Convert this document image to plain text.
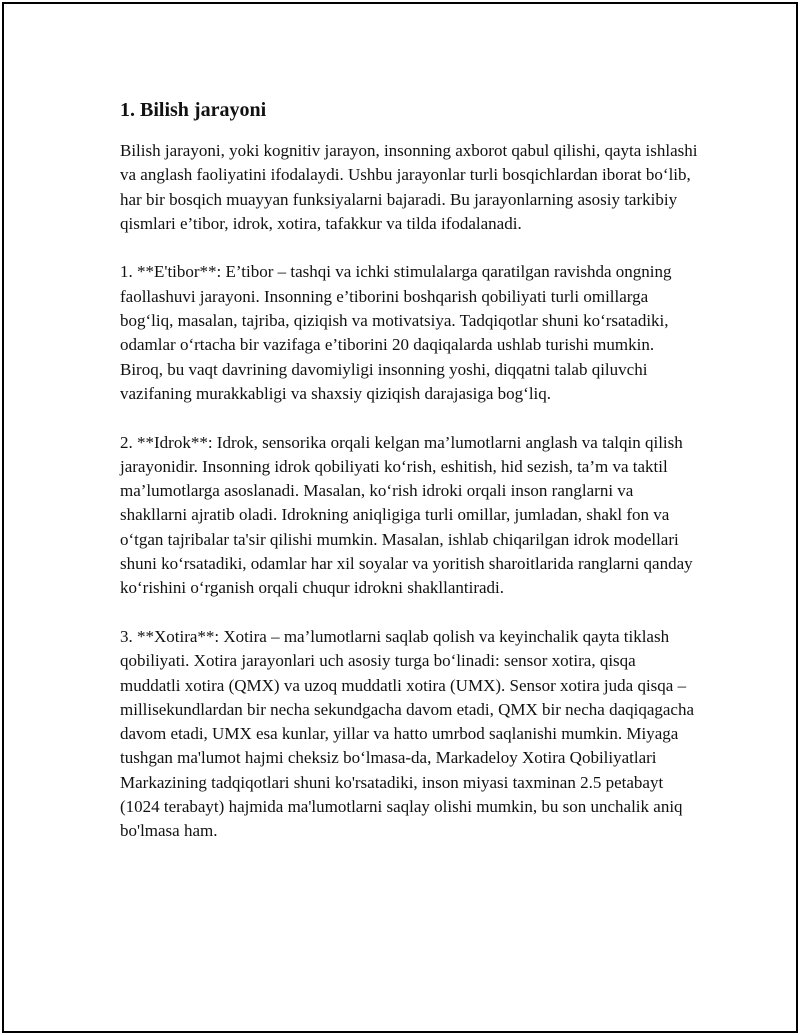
1. Bilish jarayoni

Bilish jarayoni, yoki kognitiv jarayon, insonning axborot qabul qilishi, qayta ishlashi va anglash faoliyatini ifodalaydi. Ushbu jarayonlar turli bosqichlardan iborat bo‘lib, har bir bosqich muayyan funksiyalarni bajaradi. Bu jarayonlarning asosiy tarkibiy qismlari e’tibor, idrok, xotira, tafakkur va tilda ifodalanadi.

1. **E'tibor**: E’tibor – tashqi va ichki stimulalarga qaratilgan ravishda ongning faollashuvi jarayoni. Insonning e’tiborini boshqarish qobiliyati turli omillarga bog‘liq, masalan, tajriba, qiziqish va motivatsiya. Tadqiqotlar shuni ko‘rsatadiki, odamlar o‘rtacha bir vazifaga e’tiborini 20 daqiqalarda ushlab turishi mumkin. Biroq, bu vaqt davrining davomiyligi insonning yoshi, diqqatni talab qiluvchi vazifaning murakkabligi va shaxsiy qiziqish darajasiga bog‘liq.

2. **Idrok**: Idrok, sensorika orqali kelgan ma’lumotlarni anglash va talqin qilish jarayonidir. Insonning idrok qobiliyati ko‘rish, eshitish, hid sezish, ta’m va taktil ma’lumotlarga asoslanadi. Masalan, ko‘rish idroki orqali inson ranglarni va shakllarni ajratib oladi. Idrokning aniqligiga turli omillar, jumladan, shakl fon va o‘tgan tajribalar ta'sir qilishi mumkin. Masalan, ishlab chiqarilgan idrok modellari shuni ko‘rsatadiki, odamlar har xil soyalar va yoritish sharoitlarida ranglarni qanday ko‘rishini o‘rganish orqali chuqur idrokni shakllantiradi.

3. **Xotira**: Xotira – ma’lumotlarni saqlab qolish va keyinchalik qayta tiklash qobiliyati. Xotira jarayonlari uch asosiy turga bo‘linadi: sensor xotira, qisqa muddatli xotira (QMX) va uzoq muddatli xotira (UMX). Sensor xotira juda qisqa – millisekundlardan bir necha sekundgacha davom etadi, QMX bir necha daqiqagacha davom etadi, UMX esa kunlar, yillar va hatto umrbod saqlanishi mumkin. Miyaga tushgan ma'lumot hajmi cheksiz bo‘lmasa-da, Markadeloy Xotira Qobiliyatlari Markazining tadqiqotlari shuni ko'rsatadiki, inson miyasi taxminan 2.5 petabayt (1024 terabayt) hajmida ma'lumotlarni saqlay olishi mumkin, bu son unchalik aniq bo'lmasa ham.
